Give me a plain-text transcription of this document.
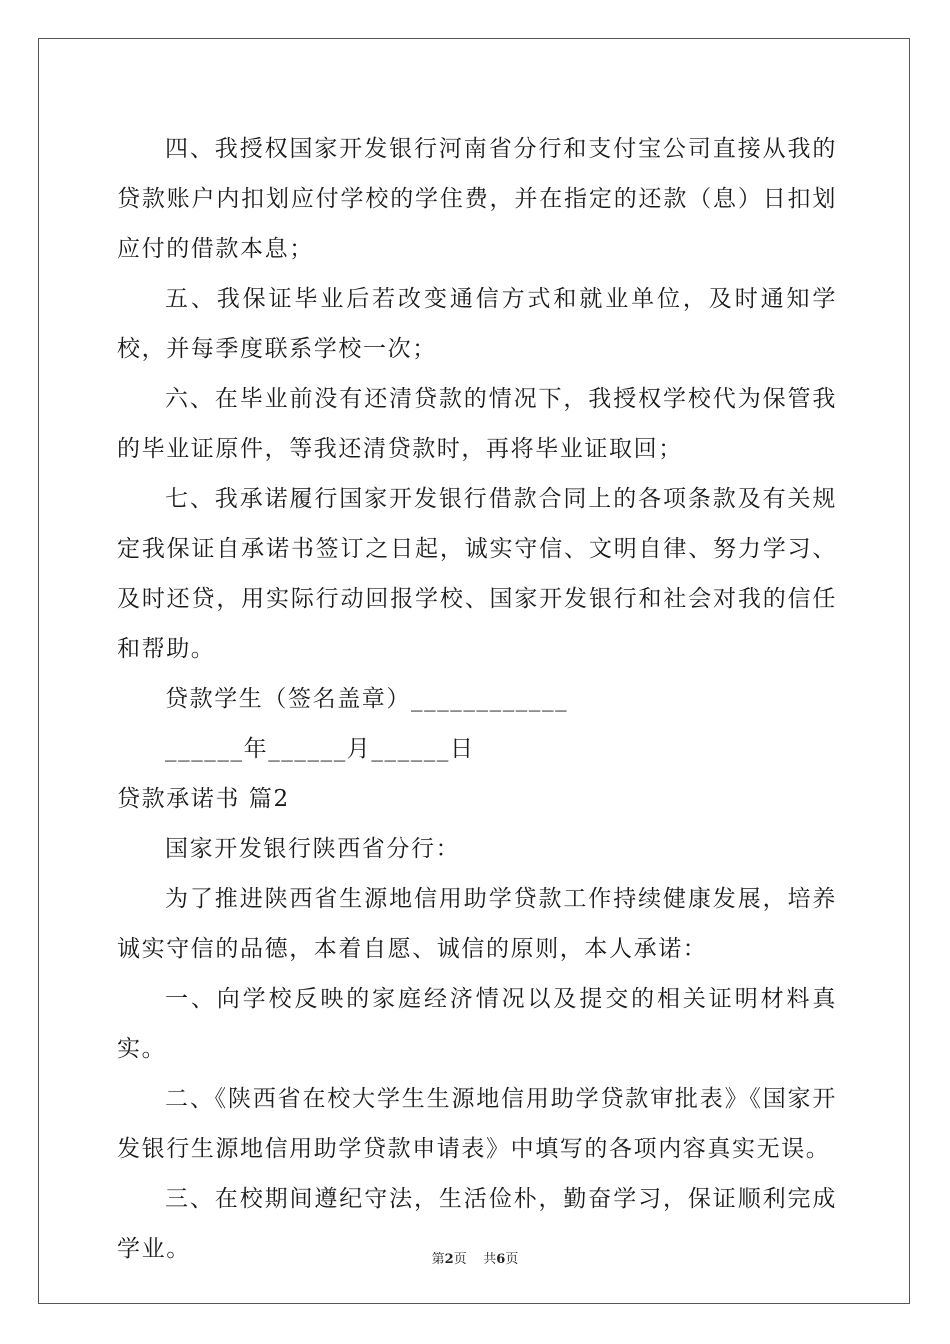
四、我授权国家开发银行河南省分行和支付宝公司直接从我的贷款账户内扣划应付学校的学住费，并在指定的还款（息）日扣划应付的借款本息；

五、我保证毕业后若改变通信方式和就业单位，及时通知学校，并每季度联系学校一次；

六、在毕业前没有还清贷款的情况下，我授权学校代为保管我的毕业证原件，等我还清贷款时，再将毕业证取回；

七、我承诺履行国家开发银行借款合同上的各项条款及有关规定我保证自承诺书签订之日起，诚实守信、文明自律、努力学习、及时还贷，用实际行动回报学校、国家开发银行和社会对我的信任和帮助。

贷款学生（签名盖章）____________

______年______月______日

贷款承诺书 篇2

国家开发银行陕西省分行：

为了推进陕西省生源地信用助学贷款工作持续健康发展，培养诚实守信的品德，本着自愿、诚信的原则，本人承诺：

一、向学校反映的家庭经济情况以及提交的相关证明材料真实。

二、《陕西省在校大学生生源地信用助学贷款审批表》《国家开发银行生源地信用助学贷款申请表》中填写的各项内容真实无误。

三、在校期间遵纪守法，生活俭朴，勤奋学习，保证顺利完成学业。	第2页 共6页
